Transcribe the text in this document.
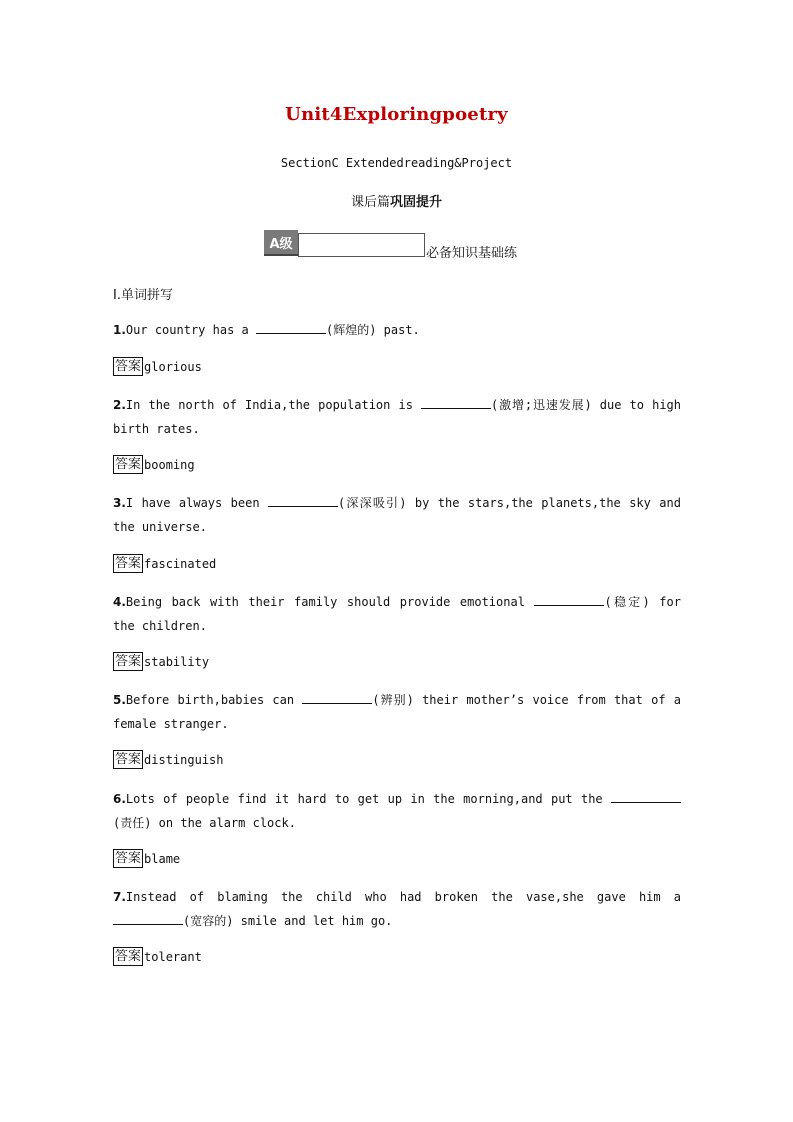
Unit4Exploringpoetry
SectionC Extendedreading&Project
课后篇巩固提升
A级
必备知识基础练
Ⅰ.单词拼写
1.Our country has a	(辉煌的) past.
答案 glorious
2.In the north of India,the population is	(激增;迅速发展) due to high birth rates.
答案 booming
3.I have always been	(深深吸引) by the stars,the planets,the sky and the universe.
答案 fascinated
4.Being back with their family should provide emotional	(稳定) for the children.
答案 stability
5.Before birth,babies can	(辨别) their mother’s voice from that of a female stranger.
答案 distinguish
6.Lots of people find it hard to get up in the morning,and put the (责任) on the alarm clock.
答案 blame
7.Instead of blaming the child who had broken the vase,she gave him a (宽容的) smile and let him go.
答案 tolerant
